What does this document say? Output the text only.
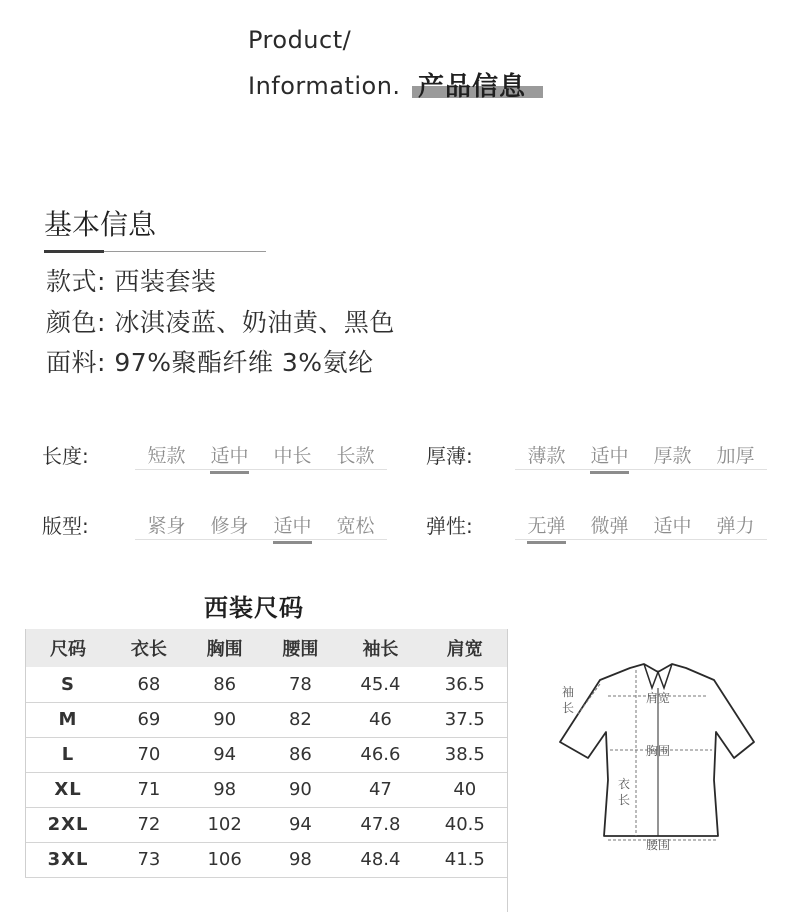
Product/
Information. 产品信息
基本信息
款式: 西装套装
颜色: 冰淇凌蓝、奶油黄、黑色
面料: 97%聚酯纤维 3%氨纶
长度:	短款	适中	中长	长款	厚薄:	薄款	适中	厚款	加厚
版型:	紧身	修身	适中	宽松	弹性:	无弹	微弹	适中	弹力
西装尺码
尺码	衣长	胸围	腰围	袖长	肩宽
S	68	86	78	45.4	36.5
M	69	90	82	46	37.5
L	70	94	86	46.6	38.5
XL	71	98	90	47	40
2XL	72	102	94	47.8	40.5
3XL	73	106	98	48.4	41.5
肩宽
胸围
腰围
袖
长
衣
长
